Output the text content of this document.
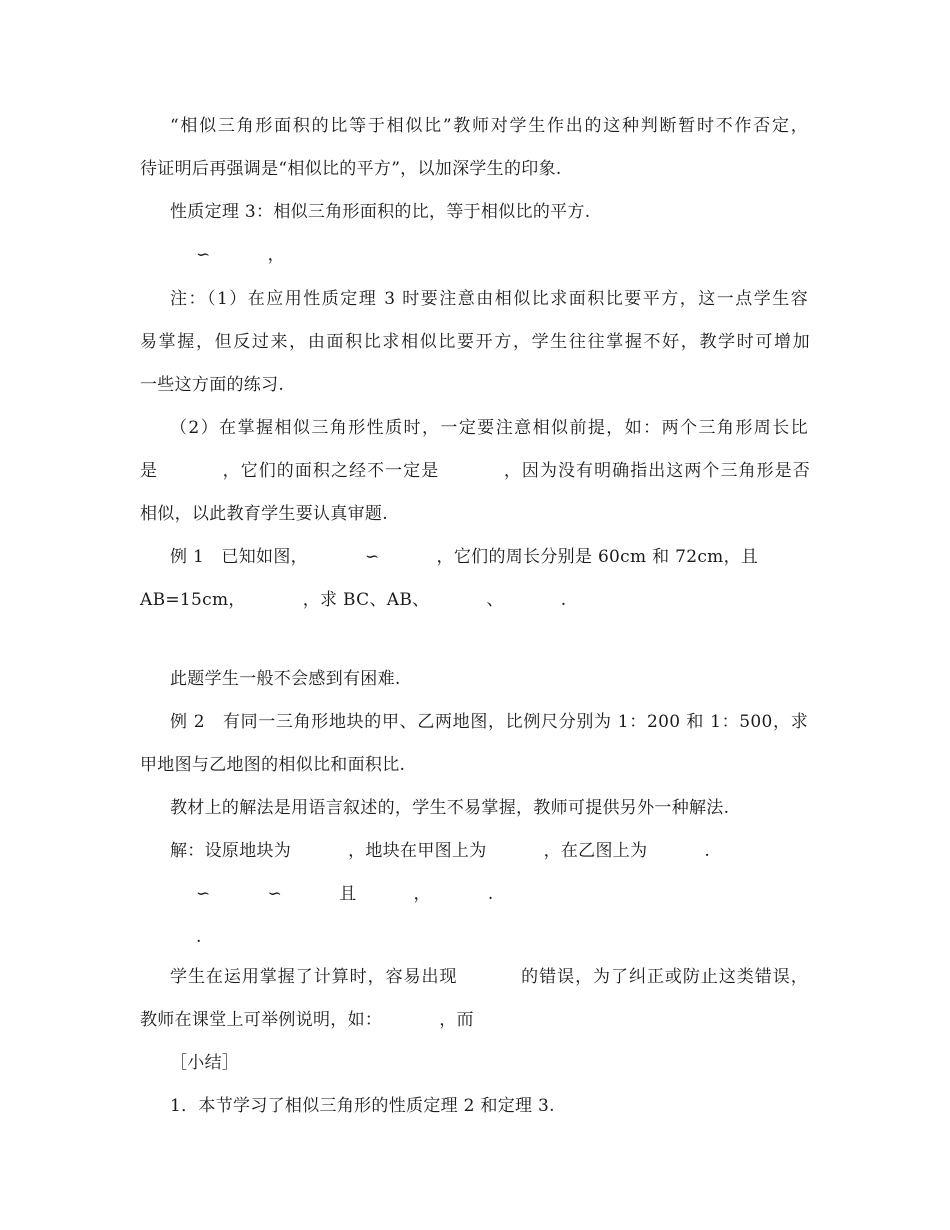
“相似三角形面积的比等于相似比”教师对学生作出的这种判断暂时不作否定，
待证明后再强调是“相似比的平方”，以加深学生的印象.
性质定理 3：相似三角形面积的比，等于相似比的平方.
∽          ，
注：（1）在应用性质定理 3 时要注意由相似比求面积比要平方，这一点学生容
易掌握，但反过来，由面积比求相似比要开方，学生往往掌握不好，教学时可增加
一些这方面的练习.
（2）在掌握相似三角形性质时，一定要注意相似前提，如：两个三角形周长比
是          ，它们的面积之经不一定是          ，因为没有明确指出这两个三角形是否
相似，以此教育学生要认真审题.
例 1　已知如图，          ∽          ，它们的周长分别是 60cm 和 72cm，且
AB=15cm，          ，求 BC、AB、          、          .
此题学生一般不会感到有困难.
例 2　有同一三角形地块的甲、乙两地图，比例尺分别为 1：200 和 1：500，求
甲地图与乙地图的相似比和面积比.
教材上的解法是用语言叙述的，学生不易掌握，教师可提供另外一种解法.
解：设原地块为          ，地块在甲图上为          ，在乙图上为          .
∽          ∽          且          ，          .
.
学生在运用掌握了计算时，容易出现          的错误，为了纠正或防止这类错误，
教师在课堂上可举例说明，如：          ，而
［小结］
1．本节学习了相似三角形的性质定理 2 和定理 3.
